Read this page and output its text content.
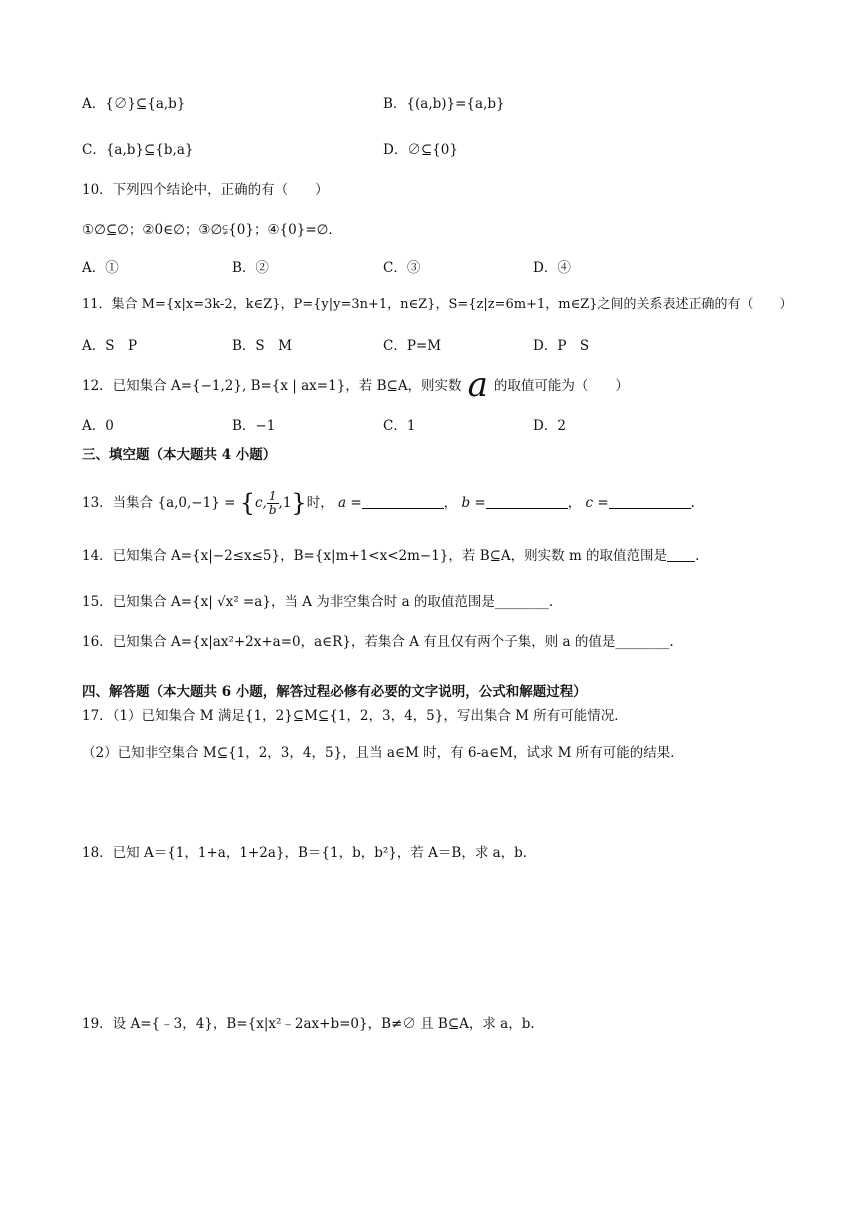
A．{∅}⊆{a,b}	B．{(a,b)}={a,b}
C．{a,b}⊆{b,a}	D．∅⊆{0}
10．下列四个结论中，正确的有（　　）
①∅⊆∅；②0∈∅；③∅⫋{0}；④{0}=∅．
A．①	B．②	C．③	D．④
11．集合 M={x|x=3k-2，k∈Z}，P={y|y=3n+1，n∈Z}，S={z|z=6m+1，m∈Z}之间的关系表述正确的有（　　）
A．S　P	B．S　M	C．P=M	D．P　S
12．已知集合 A={−1,2}, B={x | ax=1}，若 B⊆A，则实数 a 的取值可能为（　　）
A．0	B．−1	C．1	D．2
三、填空题（本大题共 4 小题）
13．当集合 {a,0,−1} = {c, $\frac{1}{b} ,1$}时， a =	， b =	， c =	.
14．已知集合 A={x|−2≤x≤5}，B={x|m+1<x<2m−1}，若 B⊆A，则实数 m 的取值范围是 .
15．已知集合 A={x| √x² =a}，当 A 为非空集合时 a 的取值范围是________.
16．已知集合 A={x|ax²+2x+a=0，a∈R}，若集合 A 有且仅有两个子集，则 a 的值是________.
四、解答题（本大题共 6 小题，解答过程必修有必要的文字说明，公式和解题过程）
17．（1）已知集合 M 满足{1，2}⊆M⊆{1，2，3，4，5}，写出集合 M 所有可能情况．
（2）已知非空集合 M⊆{1，2，3，4，5}，且当 a∈M 时，有 6-a∈M，试求 M 所有可能的结果．
18．已知 A＝{1，1+a，1+2a}，B＝{1，b，b²}，若 A＝B，求 a，b．
19．设 A={﹣3，4}，B={x|x²﹣2ax+b=0}，B≠∅ 且 B⊆A，求 a，b.
